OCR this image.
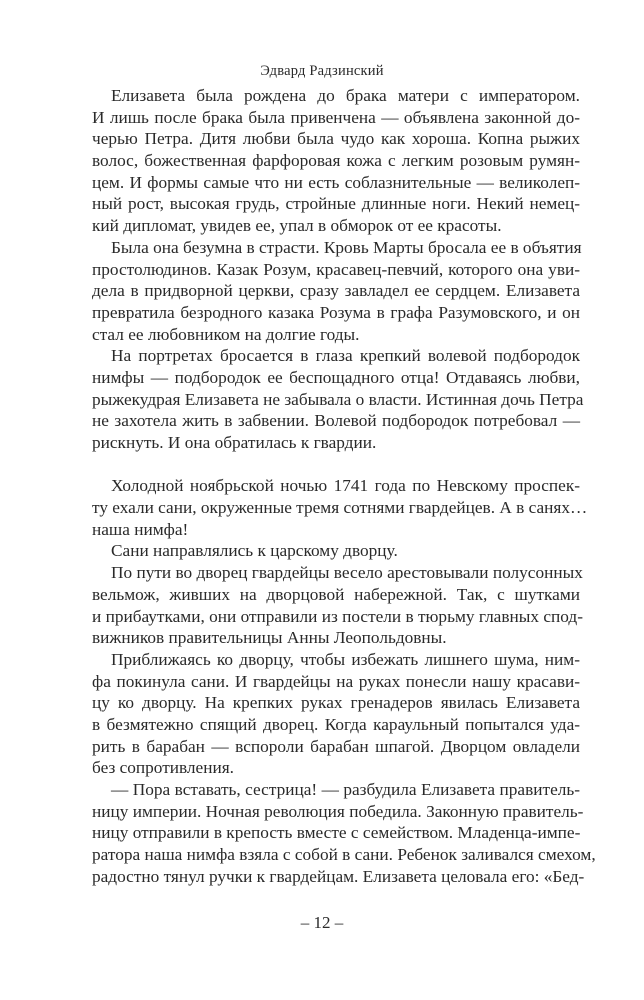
Эдвард Радзинский
Елизавета была рождена до брака матери с императором.
И лишь после брака была привенчена — объявлена законной до-
черью Петра. Дитя любви была чудо как хороша. Копна рыжих
волос, божественная фарфоровая кожа с легким розовым румян-
цем. И формы самые что ни есть соблазнительные — великолеп-
ный рост, высокая грудь, стройные длинные ноги. Некий немец-
кий дипломат, увидев ее, упал в обморок от ее красоты.
Была она безумна в страсти. Кровь Марты бросала ее в объятия
простолюдинов. Казак Розум, красавец-певчий, которого она уви-
дела в придворной церкви, сразу завладел ее сердцем. Елизавета
превратила безродного казака Розума в графа Разумовского, и он
стал ее любовником на долгие годы.
На портретах бросается в глаза крепкий волевой подбородок
нимфы — подбородок ее беспощадного отца! Отдаваясь любви,
рыжекудрая Елизавета не забывала о власти. Истинная дочь Петра
не захотела жить в забвении. Волевой подбородок потребовал —
рискнуть. И она обратилась к гвардии.
Холодной ноябрьской ночью 1741 года по Невскому проспек-
ту ехали сани, окруженные тремя сотнями гвардейцев. А в санях…
наша нимфа!
Сани направлялись к царскому дворцу.
По пути во дворец гвардейцы весело арестовывали полусонных
вельмож, живших на дворцовой набережной. Так, с шутками
и прибаутками, они отправили из постели в тюрьму главных спод-
вижников правительницы Анны Леопольдовны.
Приближаясь ко дворцу, чтобы избежать лишнего шума, ним-
фа покинула сани. И гвардейцы на руках понесли нашу красави-
цу ко дворцу. На крепких руках гренадеров явилась Елизавета
в безмятежно спящий дворец. Когда караульный попытался уда-
рить в барабан — вспороли барабан шпагой. Дворцом овладели
без сопротивления.
— Пора вставать, сестрица! — разбудила Елизавета правитель-
ницу империи. Ночная революция победила. Законную правитель-
ницу отправили в крепость вместе с семейством. Младенца-импе-
ратора наша нимфа взяла с собой в сани. Ребенок заливался смехом,
радостно тянул ручки к гвардейцам. Елизавета целовала его: «Бед-
– 12 –
